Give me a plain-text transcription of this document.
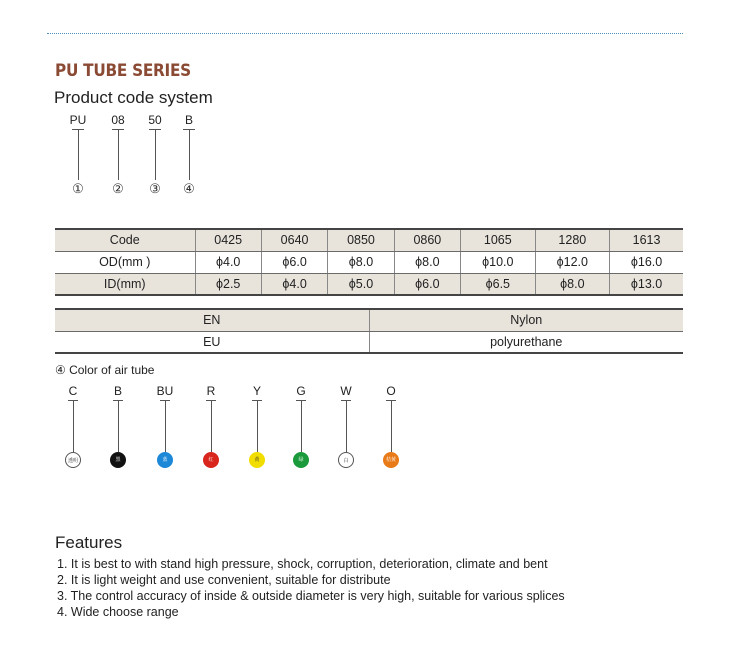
PU TUBE SERIES
Product code system
PU
①
08
②
50
③
B
④
Code	0425	0640	0850	0860	1065	1280	1613
OD(mm )	ϕ4.0	ϕ6.0	ϕ8.0	ϕ8.0	ϕ10.0	ϕ12.0	ϕ16.0
ID(mm)	ϕ2.5	ϕ4.0	ϕ5.0	ϕ6.0	ϕ6.5	ϕ8.0	ϕ13.0
EN	Nylon
EU	polyurethane
④ Color of air tube
C
透明
B
黑
BU
蓝
R
红
Y
黄
G
绿
W
白
O
桔黄
Features
1. It is best to with stand high pressure, shock, corruption, deterioration, climate and bent
2. It is light weight and use convenient, suitable for distribute
3. The control accuracy of inside & outside diameter is very high, suitable for various splices
4. Wide choose range
